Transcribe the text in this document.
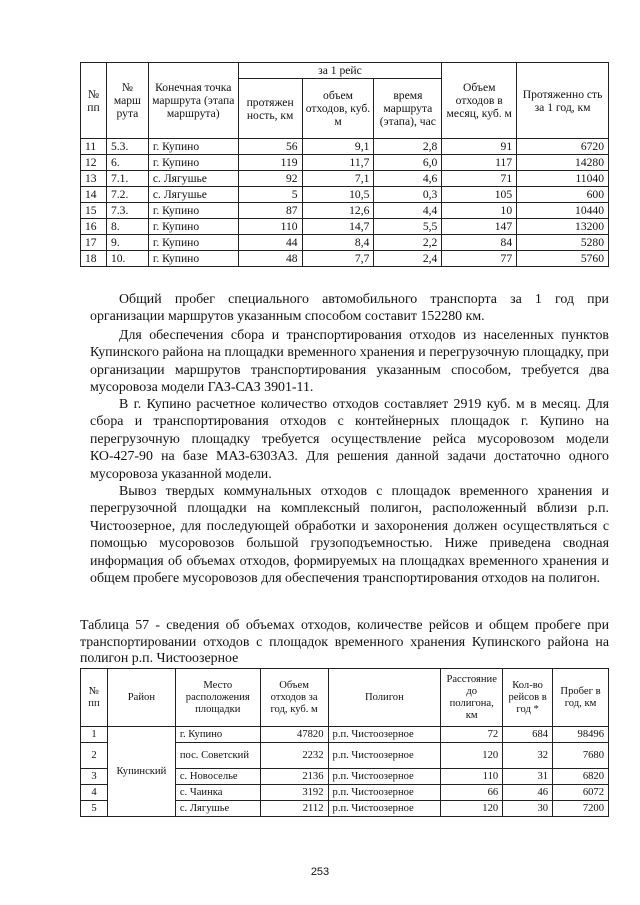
№ пп	№ марш рута	Конечная точка маршрута (этапа маршрута)	за 1 рейс			Объем отходов в месяц, куб. м	Протяженно сть за 1 год, км
			протяжен ность, км	объем отходов, куб. м	время маршрута (этапа), час		
11	5.3.	г. Купино	56	9,1	2,8	91	6720
12	6.	г. Купино	119	11,7	6,0	117	14280
13	7.1.	с. Лягушье	92	7,1	4,6	71	11040
14	7.2.	с. Лягушье	5	10,5	0,3	105	600
15	7.3.	г. Купино	87	12,6	4,4	10	10440
16	8.	г. Купино	110	14,7	5,5	147	13200
17	9.	г. Купино	44	8,4	2,2	84	5280
18	10.	г. Купино	48	7,7	2,4	77	5760

Общий пробег специального автомобильного транспорта за 1 год при организации маршрутов указанным способом составит 152280 км.

Для обеспечения сбора и транспортирования отходов из населенных пунктов Купинского района на площадки временного хранения и перегрузочную площадку, при организации маршрутов транспортирования указанным способом, требуется два мусоровоза модели ГАЗ-САЗ 3901-11.

В г. Купино расчетное количество отходов составляет 2919 куб. м в месяц. Для сбора и транспортирования отходов с контейнерных площадок г. Купино на перегрузочную площадку требуется осуществление рейса мусоровозом модели КО-427-90 на базе МАЗ-6303А3. Для решения данной задачи достаточно одного мусоровоза указанной модели.

Вывоз твердых коммунальных отходов с площадок временного хранения и перегрузочной площадки на комплексный полигон, расположенный вблизи р.п. Чистоозерное, для последующей обработки и захоронения должен осуществляться с помощью мусоровозов большой грузоподъемностью. Ниже приведена сводная информация об объемах отходов, формируемых на площадках временного хранения и общем пробеге мусоровозов для обеспечения транспортирования отходов на полигон.

Таблица 57 - сведения об объемах отходов, количестве рейсов и общем пробеге при транспортировании отходов с площадок временного хранения Купинского района на полигон р.п. Чистоозерное

№ пп	Район	Место расположения площадки	Объем отходов за год, куб. м	Полигон	Расстояние до полигона, км	Кол-во рейсов в год *	Пробег в год, км
1	Купинский	г. Купино	47820	р.п. Чистоозерное	72	684	98496
2		пос. Советский	2232	р.п. Чистоозерное	120	32	7680
3		с. Новоселье	2136	р.п. Чистоозерное	110	31	6820
4		с. Чаинка	3192	р.п. Чистоозерное	66	46	6072
5		с. Лягушье	2112	р.п. Чистоозерное	120	30	7200
253
